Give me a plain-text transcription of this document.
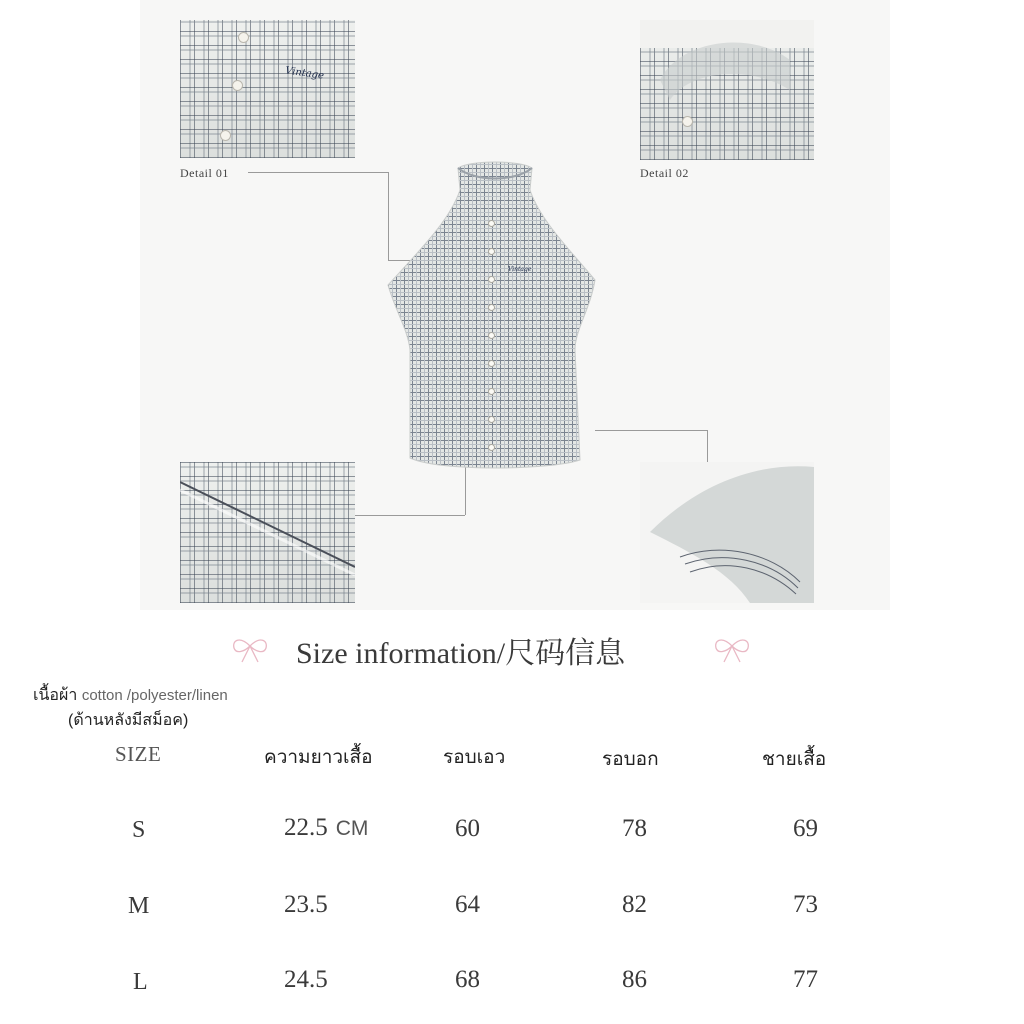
Vintage
Detail 01	Detail 02
Vintage
Size information/尺码信息
เนื้อผ้า cotton /polyester/linen
(ด้านหลังมีสม็อค)
SIZE	ความยาวเสื้อ	รอบเอว	รอบอก	ชายเสื้อ
S	22.5 CM	60	78	69
M	23.5	64	82	73
L	24.5	68	86	77
